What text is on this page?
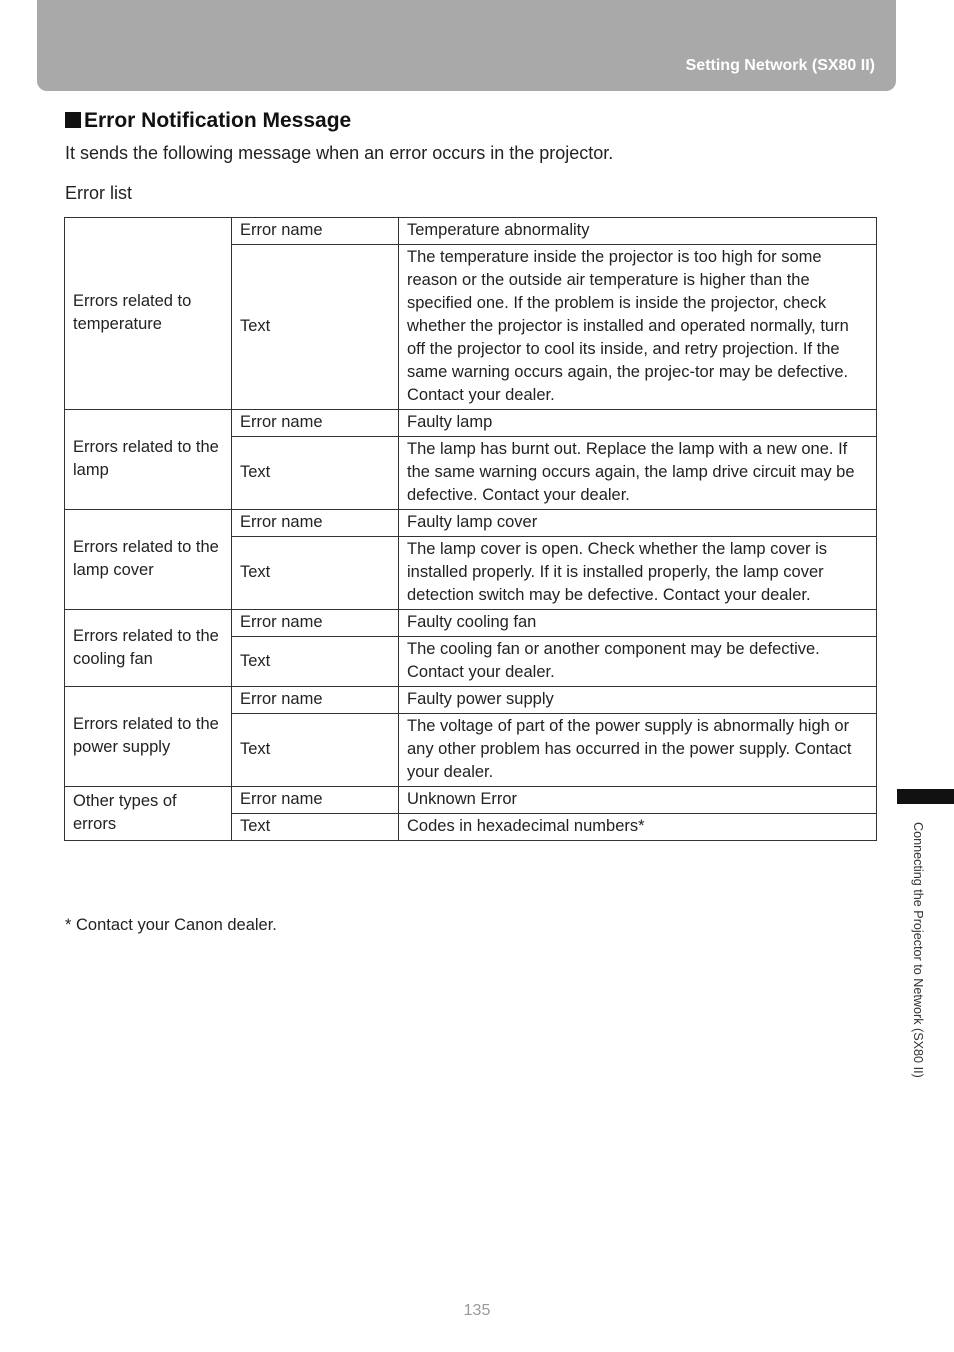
Setting Network (SX80 II)
Error Notification Message
It sends the following message when an error occurs in the projector.
Error list
Errors related to temperature	Error name	Temperature abnormality
	Text	The temperature inside the projector is too high for some reason or the outside air temperature is higher than the specified one. If the problem is inside the projector, check whether the projector is installed and operated normally, turn off the projector to cool its inside, and retry projection. If the same warning occurs again, the projec-tor may be defective. Contact your dealer.
Errors related to the lamp	Error name	Faulty lamp
	Text	The lamp has burnt out. Replace the lamp with a new one. If the same warning occurs again, the lamp drive circuit may be defective. Contact your dealer.
Errors related to the lamp cover	Error name	Faulty lamp cover
	Text	The lamp cover is open. Check whether the lamp cover is installed properly. If it is installed properly, the lamp cover detection switch may be defective. Contact your dealer.
Errors related to the cooling fan	Error name	Faulty cooling fan
	Text	The cooling fan or another component may be defective. Contact your dealer.
Errors related to the power supply	Error name	Faulty power supply
	Text	The voltage of part of the power supply is abnormally high or any other problem has occurred in the power supply. Contact your dealer.
Other types of errors	Error name	Unknown Error
	Text	Codes in hexadecimal numbers*
* Contact your Canon dealer.	Connecting the Projector to Network (SX80 II)
135
